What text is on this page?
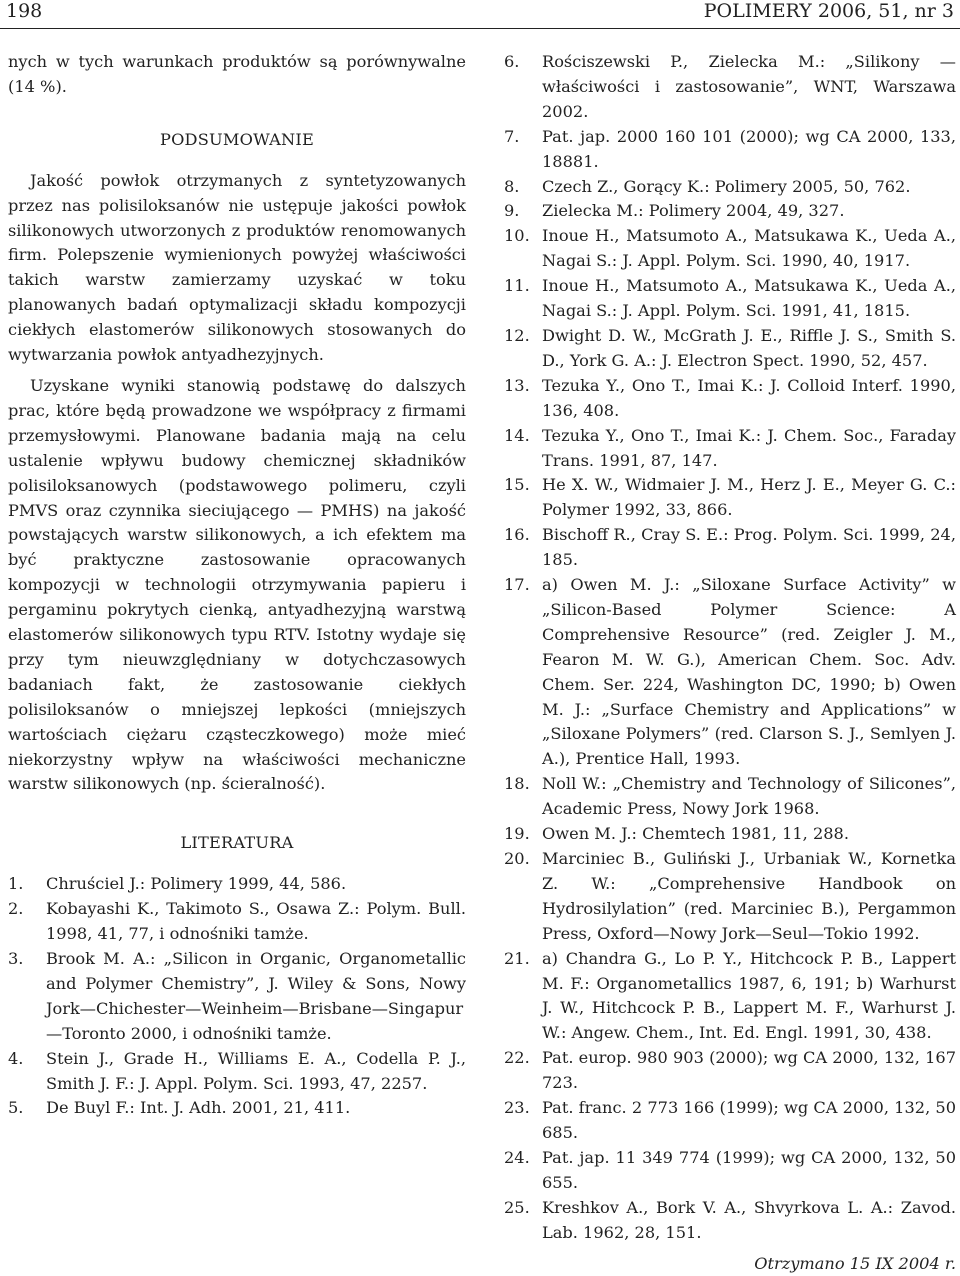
198	POLIMERY 2006, 51, nr 3

nych w tych warunkach produktów są porównywalne (14 %).

PODSUMOWANIE

Jakość powłok otrzymanych z syntetyzowanych przez nas polisiloksanów nie ustępuje jakości powłok silikonowych utworzonych z produktów renomowanych firm. Polepszenie wymienionych powyżej właściwości takich warstw zamierzamy uzyskać w toku planowanych badań optymalizacji składu kompozycji ciekłych elastomerów silikonowych stosowanych do wytwarzania powłok antyadhezyjnych.

Uzyskane wyniki stanowią podstawę do dalszych prac, które będą prowadzone we współpracy z firmami przemysłowymi. Planowane badania mają na celu ustalenie wpływu budowy chemicznej składników polisiloksanowych (podstawowego polimeru, czyli PMVS oraz czynnika sieciującego — PMHS) na jakość powstających warstw silikonowych, a ich efektem ma być praktyczne zastosowanie opracowanych kompozycji w technologii otrzymywania papieru i pergaminu pokrytych cienką, antyadhezyjną warstwą elastomerów silikonowych typu RTV. Istotny wydaje się przy tym nieuwzględniany w dotychczasowych badaniach fakt, że zastosowanie ciekłych polisiloksanów o mniejszej lepkości (mniejszych wartościach ciężaru cząsteczkowego) może mieć niekorzystny wpływ na właściwości mechaniczne warstw silikonowych (np. ścieralność).

LITERATURA
1.	Chruściel J.: Polimery 1999, 44, 586.
2.	Kobayashi K., Takimoto S., Osawa Z.: Polym. Bull. 1998, 41, 77, i odnośniki tamże.
3.	Brook M. A.: „Silicon in Organic, Organometallic and Polymer Chemistry”, J. Wiley & Sons, Nowy Jork—Chichester—Weinheim—Brisbane—Singapur—Toronto 2000, i odnośniki tamże.
4.	Stein J., Grade H., Williams E. A., Codella P. J., Smith J. F.: J. Appl. Polym. Sci. 1993, 47, 2257.
5.	De Buyl F.: Int. J. Adh. 2001, 21, 411.
6.	Rościszewski P., Zielecka M.: „Silikony — właściwości i zastosowanie”, WNT, Warszawa 2002.
7.	Pat. jap. 2000 160 101 (2000); wg CA 2000, 133, 18881.
8.	Czech Z., Gorący K.: Polimery 2005, 50, 762.
9.	Zielecka M.: Polimery 2004, 49, 327.
10. Inoue H., Matsumoto A., Matsukawa K., Ueda A., Nagai S.: J. Appl. Polym. Sci. 1990, 40, 1917.
11. Inoue H., Matsumoto A., Matsukawa K., Ueda A., Nagai S.: J. Appl. Polym. Sci. 1991, 41, 1815.
12. Dwight D. W., McGrath J. E., Riffle J. S., Smith S. D., York G. A.: J. Electron Spect. 1990, 52, 457.
13. Tezuka Y., Ono T., Imai K.: J. Colloid Interf. 1990, 136, 408.
14. Tezuka Y., Ono T., Imai K.: J. Chem. Soc., Faraday Trans. 1991, 87, 147.
15. He X. W., Widmaier J. M., Herz J. E., Meyer G. C.: Polymer 1992, 33, 866.
16. Bischoff R., Cray S. E.: Prog. Polym. Sci. 1999, 24, 185.
17. a) Owen M. J.: „Siloxane Surface Activity” w „Silicon-Based Polymer Science: A Comprehensive Resource” (red. Zeigler J. M., Fearon M. W. G.), American Chem. Soc. Adv. Chem. Ser. 224, Washington DC, 1990; b) Owen M. J.: „Surface Chemistry and Applications” w „Siloxane Polymers” (red. Clarson S. J., Semlyen J. A.), Prentice Hall, 1993.
18. Noll W.: „Chemistry and Technology of Silicones”, Academic Press, Nowy Jork 1968.
19. Owen M. J.: Chemtech 1981, 11, 288.
20. Marciniec B., Guliński J., Urbaniak W., Kornetka Z. W.: „Comprehensive Handbook on Hydrosilylation” (red. Marciniec B.), Pergammon Press, Oxford—Nowy Jork—Seul—Tokio 1992.
21. a) Chandra G., Lo P. Y., Hitchcock P. B., Lappert M. F.: Organometallics 1987, 6, 191; b) Warhurst J. W., Hitchcock P. B., Lappert M. F., Warhurst J. W.: Angew. Chem., Int. Ed. Engl. 1991, 30, 438.
22. Pat. europ. 980 903 (2000); wg CA 2000, 132, 167 723.
23. Pat. franc. 2 773 166 (1999); wg CA 2000, 132, 50 685.
24. Pat. jap. 11 349 774 (1999); wg CA 2000, 132, 50 655.
25. Kreshkov A., Bork V. A., Shvyrkova L. A.: Zavod. Lab. 1962, 28, 151.
Otrzymano 15 IX 2004 r.
